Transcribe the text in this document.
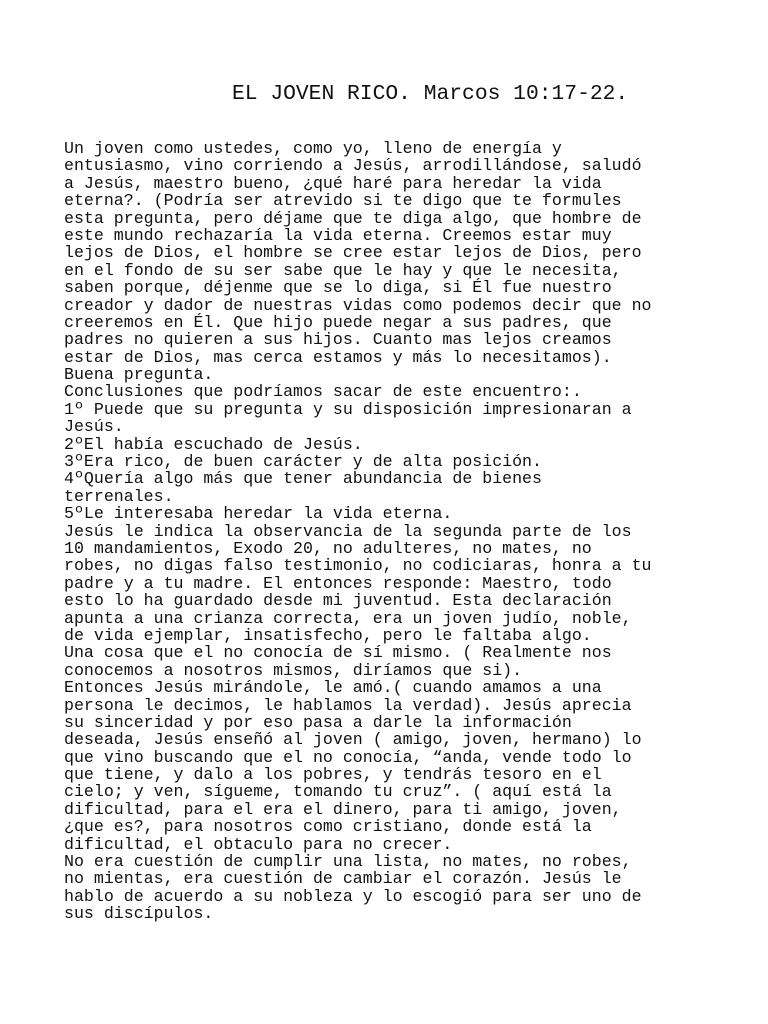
EL JOVEN RICO. Marcos 10:17-22.
Un joven como ustedes, como yo, lleno de energía y
entusiasmo, vino corriendo a Jesús, arrodillándose, saludó
a Jesús, maestro bueno, ¿qué haré para heredar la vida
eterna?. (Podría ser atrevido si te digo que te formules
esta pregunta, pero déjame que te diga algo, que hombre de
este mundo rechazaría la vida eterna. Creemos estar muy
lejos de Dios, el hombre se cree estar lejos de Dios, pero
en el fondo de su ser sabe que le hay y que le necesita,
saben porque, déjenme que se lo diga, si Él fue nuestro
creador y dador de nuestras vidas como podemos decir que no
creeremos en Él. Que hijo puede negar a sus padres, que
padres no quieren a sus hijos. Cuanto mas lejos creamos
estar de Dios, mas cerca estamos y más lo necesitamos).
Buena pregunta.
Conclusiones que podríamos sacar de este encuentro:.
1º Puede que su pregunta y su disposición impresionaran a
Jesús.
2ºEl había escuchado de Jesús.
3ºEra rico, de buen carácter y de alta posición.
4ºQuería algo más que tener abundancia de bienes
terrenales.
5ºLe interesaba heredar la vida eterna.
Jesús le indica la observancia de la segunda parte de los
10 mandamientos, Exodo 20, no adulteres, no mates, no
robes, no digas falso testimonio, no codiciaras, honra a tu
padre y a tu madre. El entonces responde: Maestro, todo
esto lo ha guardado desde mi juventud. Esta declaración
apunta a una crianza correcta, era un joven judío, noble,
de vida ejemplar, insatisfecho, pero le faltaba algo.
Una cosa que el no conocía de sí mismo. ( Realmente nos
conocemos a nosotros mismos, diríamos que si).
Entonces Jesús mirándole, le amó.( cuando amamos a una
persona le decimos, le hablamos la verdad). Jesús aprecia
su sinceridad y por eso pasa a darle la información
deseada, Jesús enseñó al joven ( amigo, joven, hermano) lo
que vino buscando que el no conocía, “anda, vende todo lo
que tiene, y dalo a los pobres, y tendrás tesoro en el
cielo; y ven, sígueme, tomando tu cruz”. ( aquí está la
dificultad, para el era el dinero, para ti amigo, joven,
¿que es?, para nosotros como cristiano, donde está la
dificultad, el obtaculo para no crecer.
No era cuestión de cumplir una lista, no mates, no robes,
no mientas, era cuestión de cambiar el corazón. Jesús le
hablo de acuerdo a su nobleza y lo escogió para ser uno de
sus discípulos.
